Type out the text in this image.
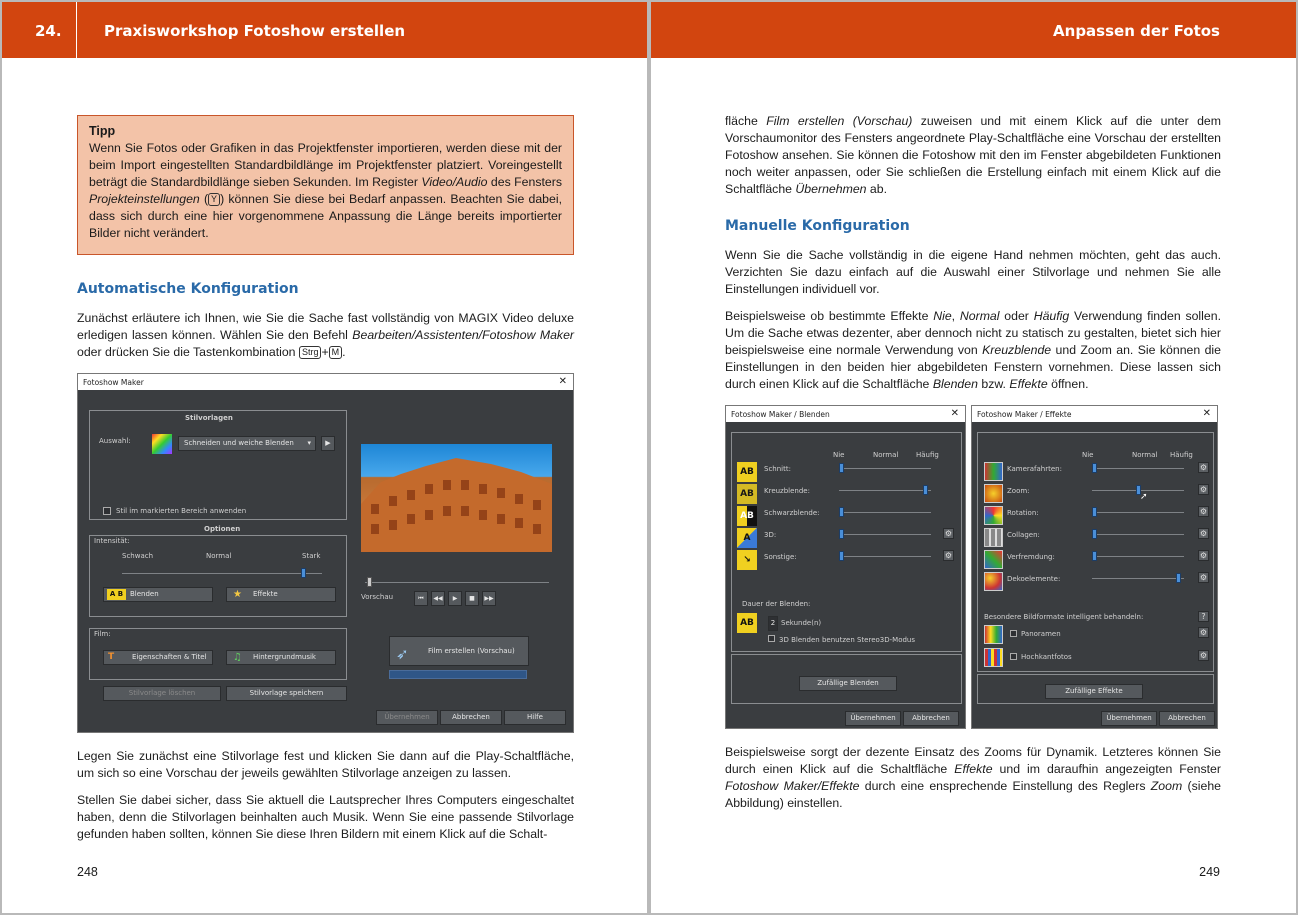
24.	Praxisworkshop Fotoshow erstellen
Tipp
Wenn Sie Fotos oder Grafiken in das Projektfenster importieren, werden diese mit der beim Import eingestellten Standardbildlänge im Projektfenster platziert. Voreingestellt beträgt die Standardbildlänge sieben Sekunden. Im Register Video/Audio des Fensters Projekteinstellungen ( Y ) können Sie diese bei Bedarf anpassen. Beachten Sie dabei, dass sich durch eine hier vorgenommene Anpassung die Länge bereits importierter Bilder nicht verändert.
Automatische Konfiguration
Zunächst erläutere ich Ihnen, wie Sie die Sache fast vollständig von MAGIX Video deluxe erledigen lassen können. Wählen Sie den Befehl Bearbeiten/Assistenten/Fotoshow Maker oder drücken Sie die Tastenkombination Strg + M .
Fotoshow Maker	✕
Stilvorlagen
Auswahl:	Schneiden und weiche Blenden ▾	▶
Stil im markierten Bereich anwenden
Optionen
Intensität:
Schwach	Normal	Stark
A B Blenden	★ Effekte
Film:
T	Eigenschaften & Titel	♫ Hintergrundmusik
Stilvorlage löschen	Stilvorlage speichern
Vorschau	⏮	◀◀	▶	■	▶▶
➶	Film erstellen (Vorschau)
Übernehmen	Abbrechen	Hilfe
Legen Sie zunächst eine Stilvorlage fest und klicken Sie dann auf die Play-Schaltfläche, um sich so eine Vorschau der jeweils gewählten Stilvorlage anzeigen zu lassen.
Stellen Sie dabei sicher, dass Sie aktuell die Lautsprecher Ihres Computers eingeschaltet haben, denn die Stilvorlagen beinhalten auch Musik. Wenn Sie eine passende Stilvorlage gefunden haben sollten, können Sie diese Ihren Bildern mit einem Klick auf die Schalt-
248
Anpassen der Fotos
fläche Film erstellen (Vorschau) zuweisen und mit einem Klick auf die unter dem Vorschaumonitor des Fensters angeordnete Play-Schaltfläche eine Vorschau der erstellten Fotoshow ansehen. Sie können die Fotoshow mit den im Fenster abgebildeten Funktionen noch weiter anpassen, oder Sie schließen die Erstellung einfach mit einem Klick auf die Schaltfläche Übernehmen ab.
Manuelle Konfiguration
Wenn Sie die Sache vollständig in die eigene Hand nehmen möchten, geht das auch. Verzichten Sie dazu einfach auf die Auswahl einer Stilvorlage und nehmen Sie alle Einstellungen individuell vor.
Beispielsweise ob bestimmte Effekte Nie, Normal oder Häufig Verwendung finden sollen. Um die Sache etwas dezenter, aber dennoch nicht zu statisch zu gestalten, bietet sich hier beispielsweise eine normale Verwendung von Kreuzblende und Zoom an. Sie können die Einstellungen in den beiden hier abgebildeten Fenstern vornehmen. Diese lassen sich durch einen Klick auf die Schaltfläche Blenden bzw. Effekte öffnen.
Fotoshow Maker / Blenden	✕
Nie	Normal	Häufig
AB	Schnitt:
AB	Kreuzblende:
AB	Schwarzblende:
A	3D:	⚙
↘	Sonstige:	⚙
Dauer der Blenden:
AB	2 Sekunde(n)
3D Blenden benutzen Stereo3D-Modus
Zufällige Blenden
Übernehmen	Abbrechen
Fotoshow Maker / Effekte	✕
Nie	Normal Häufig
Kamerafahrten:	⚙
Zoom:
➚
⚙
Rotation:	⚙
Collagen:	⚙
Verfremdung:	⚙
Dekoelemente:	⚙
Besondere Bildformate intelligent behandeln:	?
Panoramen	⚙
Hochkantfotos	⚙
Zufällige Effekte
Übernehmen	Abbrechen
Beispielsweise sorgt der dezente Einsatz des Zooms für Dynamik. Letzteres können Sie durch einen Klick auf die Schaltfläche Effekte und im daraufhin angezeigten Fenster Fotoshow Maker/Effekte durch eine ensprechende Einstellung des Reglers Zoom (siehe Abbildung) einstellen.
249
